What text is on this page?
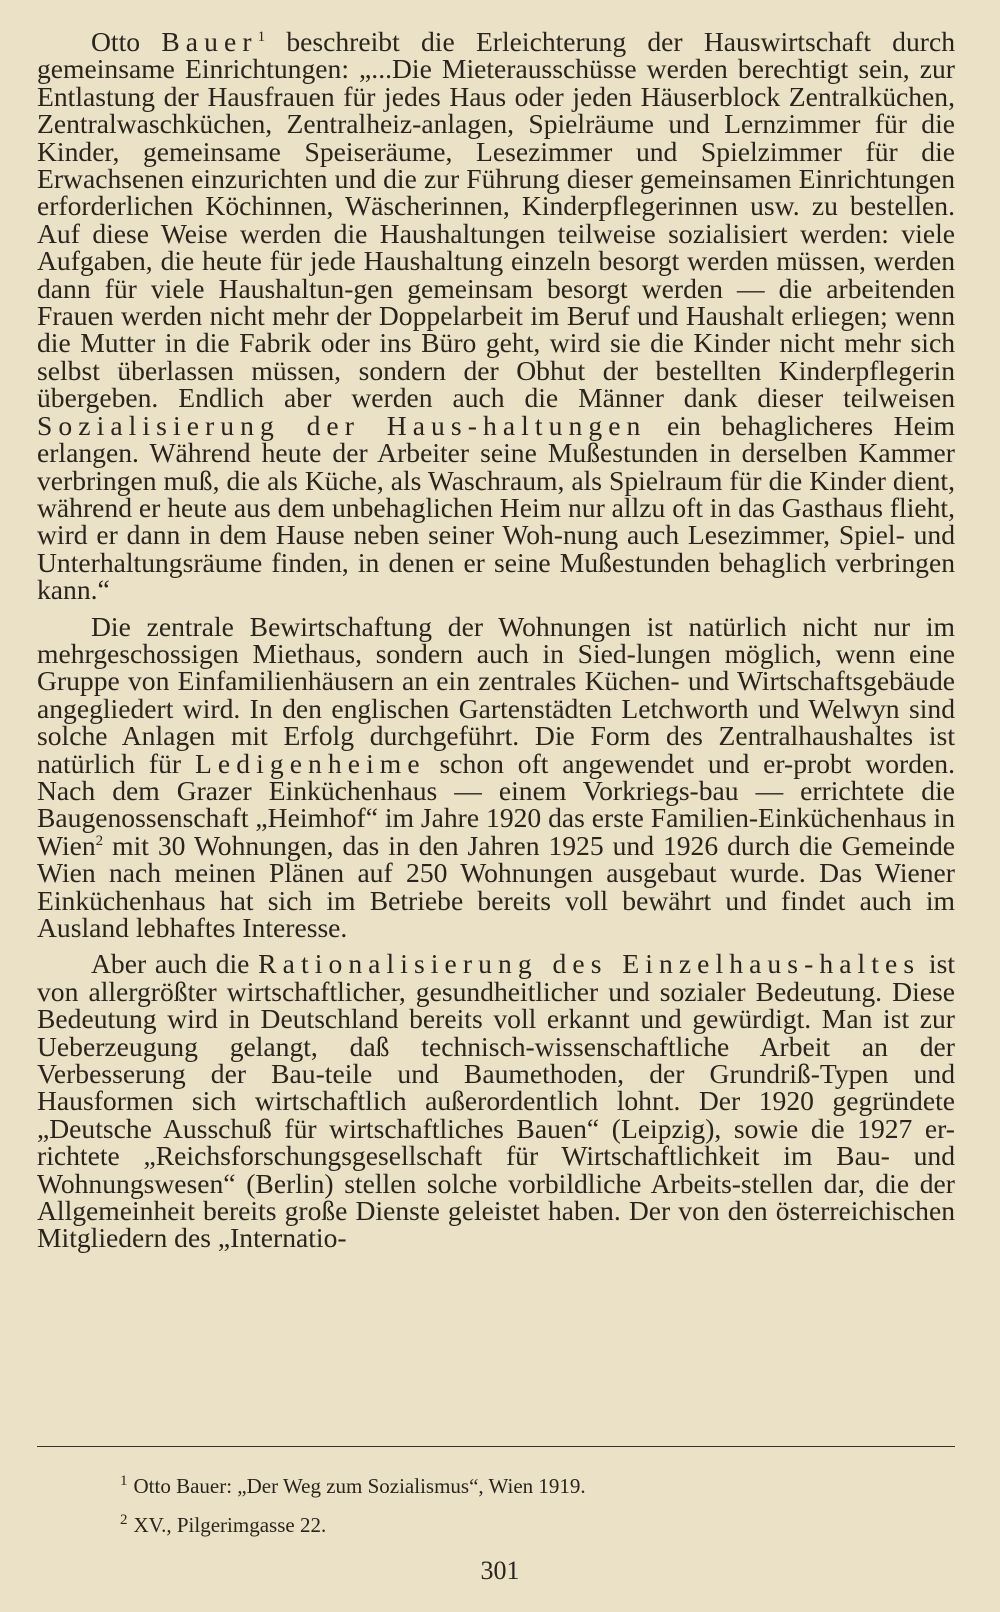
Otto Bauer$^1$ beschreibt die Erleichterung der Hauswirtschaft durch gemeinsame Einrichtungen: „...Die Mieterausschüsse werden berechtigt sein, zur Entlastung der Hausfrauen für jedes Haus oder jeden Häuserblock Zentralküchen, Zentralwaschküchen, Zentralheiz-anlagen, Spielräume und Lernzimmer für die Kinder, gemeinsame Speiseräume, Lesezimmer und Spielzimmer für die Erwachsenen einzurichten und die zur Führung dieser gemeinsamen Einrichtungen erforderlichen Köchinnen, Wäscherinnen, Kinderpflegerinnen usw. zu bestellen. Auf diese Weise werden die Haushaltungen teilweise sozialisiert werden: viele Aufgaben, die heute für jede Haushaltung einzeln besorgt werden müssen, werden dann für viele Haushaltun-gen gemeinsam besorgt werden — die arbeitenden Frauen werden nicht mehr der Doppelarbeit im Beruf und Haushalt erliegen; wenn die Mutter in die Fabrik oder ins Büro geht, wird sie die Kinder nicht mehr sich selbst überlassen müssen, sondern der Obhut der bestellten Kinderpflegerin übergeben. Endlich aber werden auch die Männer dank dieser teilweisen Sozialisierung der Haus-haltungen ein behaglicheres Heim erlangen. Während heute der Arbeiter seine Mußestunden in derselben Kammer verbringen muß, die als Küche, als Waschraum, als Spielraum für die Kinder dient, während er heute aus dem unbehaglichen Heim nur allzu oft in das Gasthaus flieht, wird er dann in dem Hause neben seiner Woh-nung auch Lesezimmer, Spiel- und Unterhaltungsräume finden, in denen er seine Mußestunden behaglich verbringen kann.“

Die zentrale Bewirtschaftung der Wohnungen ist natürlich nicht nur im mehrgeschossigen Miethaus, sondern auch in Sied-lungen möglich, wenn eine Gruppe von Einfamilienhäusern an ein zentrales Küchen- und Wirtschaftsgebäude angegliedert wird. In den englischen Gartenstädten Letchworth und Welwyn sind solche Anlagen mit Erfolg durchgeführt. Die Form des Zentralhaushaltes ist natürlich für Ledigenheime schon oft angewendet und er-probt worden. Nach dem Grazer Einküchenhaus — einem Vorkriegs-bau — errichtete die Baugenossenschaft „Heimhof“ im Jahre 1920 das erste Familien-Einküchenhaus in Wien$^2$ mit 30 Wohnungen, das in den Jahren 1925 und 1926 durch die Gemeinde Wien nach meinen Plänen auf 250 Wohnungen ausgebaut wurde. Das Wiener Einküchenhaus hat sich im Betriebe bereits voll bewährt und findet auch im Ausland lebhaftes Interesse.

Aber auch die Rationalisierung des Einzelhaus-haltes ist von allergrößter wirtschaftlicher, gesundheitlicher und sozialer Bedeutung. Diese Bedeutung wird in Deutschland bereits voll erkannt und gewürdigt. Man ist zur Ueberzeugung gelangt, daß technisch-wissenschaftliche Arbeit an der Verbesserung der Bau-teile und Baumethoden, der Grundriß-Typen und Hausformen sich wirtschaftlich außerordentlich lohnt. Der 1920 gegründete „Deutsche Ausschuß für wirtschaftliches Bauen“ (Leipzig), sowie die 1927 er-richtete „Reichsforschungsgesellschaft für Wirtschaftlichkeit im Bau- und Wohnungswesen“ (Berlin) stellen solche vorbildliche Arbeits-stellen dar, die der Allgemeinheit bereits große Dienste geleistet haben. Der von den österreichischen Mitgliedern des „Internatio-

$^1$ Otto Bauer: „Der Weg zum Sozialismus“, Wien 1919.

$^2$ XV., Pilgerimgasse 22.

301
